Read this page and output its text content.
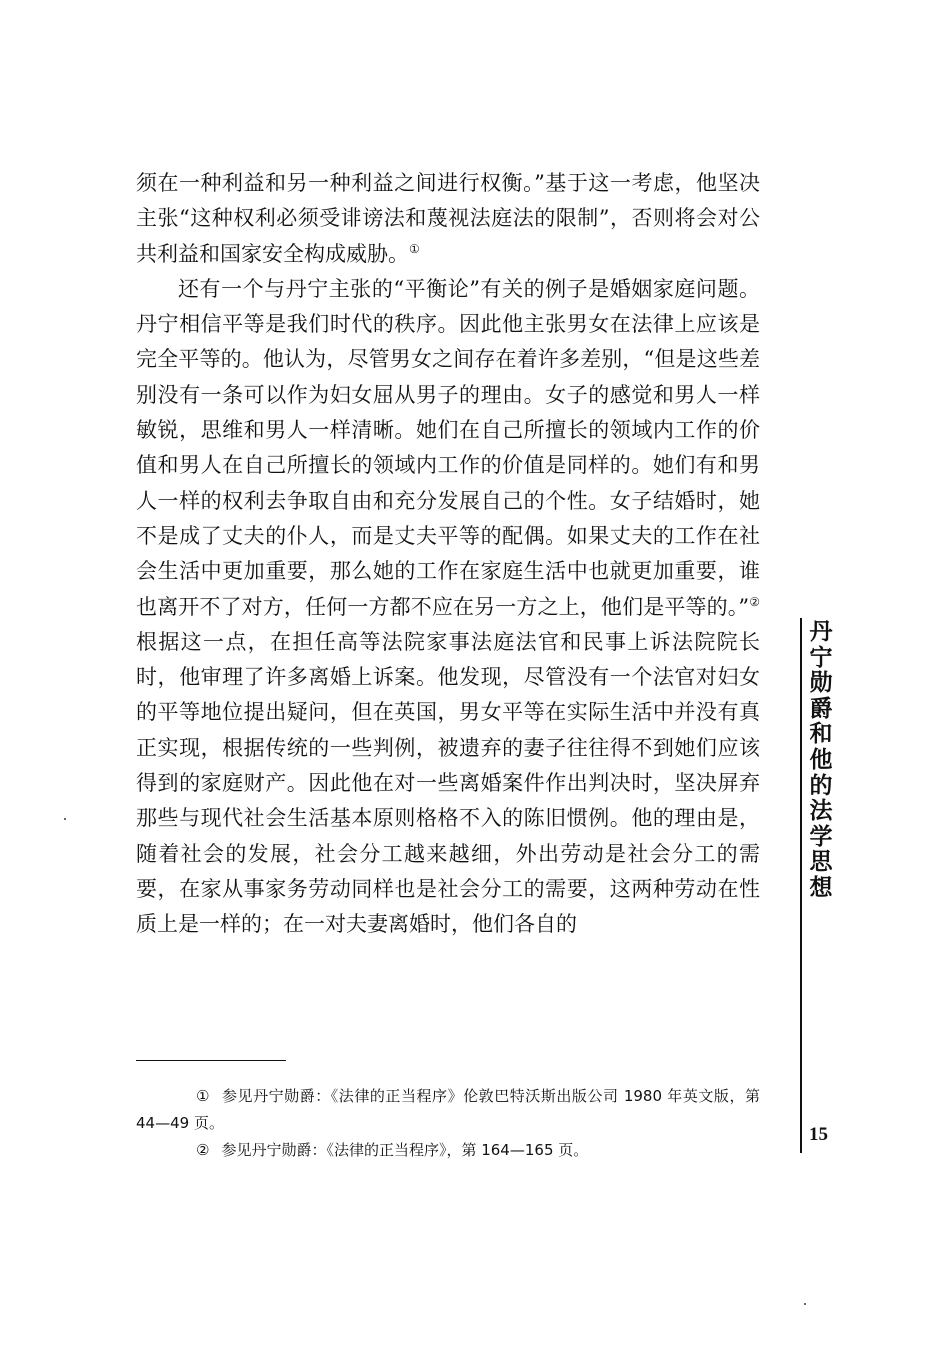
须在一种利益和另一种利益之间进行权衡。”基于这一考虑，他坚决主张“这种权利必须受诽谤法和蔑视法庭法的限制”，否则将会对公共利益和国家安全构成威胁。①

还有一个与丹宁主张的“平衡论”有关的例子是婚姻家庭问题。丹宁相信平等是我们时代的秩序。因此他主张男女在法律上应该是完全平等的。他认为，尽管男女之间存在着许多差别，“但是这些差别没有一条可以作为妇女屈从男子的理由。女子的感觉和男人一样敏锐，思维和男人一样清晰。她们在自己所擅长的领域内工作的价值和男人在自己所擅长的领域内工作的价值是同样的。她们有和男人一样的权利去争取自由和充分发展自己的个性。女子结婚时，她不是成了丈夫的仆人，而是丈夫平等的配偶。如果丈夫的工作在社会生活中更加重要，那么她的工作在家庭生活中也就更加重要，谁也离开不了对方，任何一方都不应在另一方之上，他们是平等的。”② 根据这一点，在担任高等法院家事法庭法官和民事上诉法院院长时，他审理了许多离婚上诉案。他发现，尽管没有一个法官对妇女的平等地位提出疑问，但在英国，男女平等在实际生活中并没有真正实现，根据传统的一些判例，被遗弃的妻子往往得不到她们应该得到的家庭财产。因此他在对一些离婚案件作出判决时，坚决屏弃那些与现代社会生活基本原则格格不入的陈旧惯例。他的理由是，随着社会的发展，社会分工越来越细，外出劳动是社会分工的需要，在家从事家务劳动同样也是社会分工的需要，这两种劳动在性质上是一样的；在一对夫妻离婚时，他们各自的

① 参见丹宁勋爵：《法律的正当程序》伦敦巴特沃斯出版公司 1980 年英文版，第 44—49 页。

② 参见丹宁勋爵：《法律的正当程序》，第 164—165 页。

丹宁勋爵和他的法学思想
15
